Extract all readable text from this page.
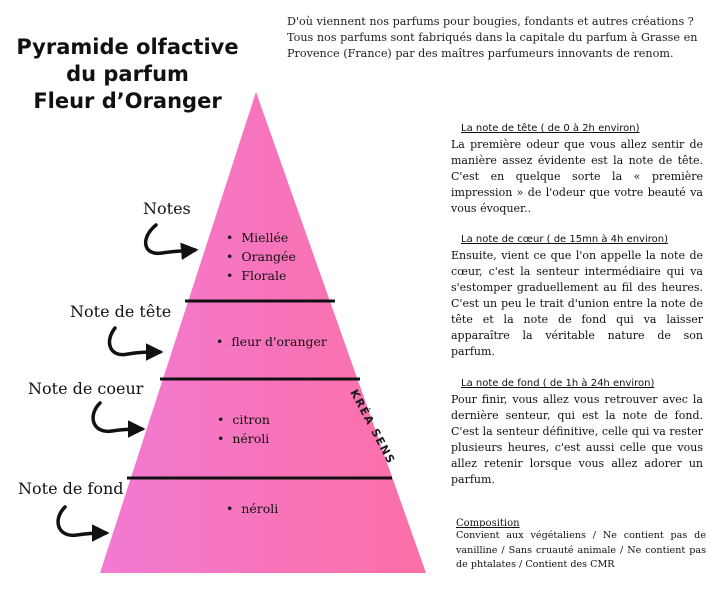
Pyramide olfactive
du parfum
Fleur d’Oranger
D'où viennent nos parfums pour bougies, fondants et autres créations ? Tous nos parfums sont fabriqués dans la capitale du parfum à Grasse en Provence (France) par des maîtres parfumeurs innovants de renom.
KRÉA SENS
Notes
Note de tête
Note de coeur
Note de fond
•  Miellée
•  Orangée
•  Florale
•  fleur d'oranger
•  citron
•  néroli
•  néroli
La note de tête ( de 0 à 2h environ)
La première odeur que vous allez sentir de manière assez évidente est la note de tête. C'est en quelque sorte la « première impression » de l'odeur que votre beauté va vous évoquer..
La note de cœur ( de 15mn à 4h environ)
Ensuite, vient ce que l'on appelle la note de cœur, c'est la senteur intermédiaire qui va s'estomper graduellement au fil des heures. C'est un peu le trait d'union entre la note de tête et la note de fond qui va laisser apparaître la véritable nature de son parfum.
La note de fond ( de 1h à 24h environ)
Pour finir, vous allez vous retrouver avec la dernière senteur, qui est la note de fond. C'est la senteur définitive, celle qui va rester plusieurs heures, c'est aussi celle que vous allez retenir lorsque vous allez adorer un parfum.
Composition
Convient aux végétaliens / Ne contient pas de vanilline / Sans cruauté animale / Ne contient pas de phtalates / Contient des CMR
